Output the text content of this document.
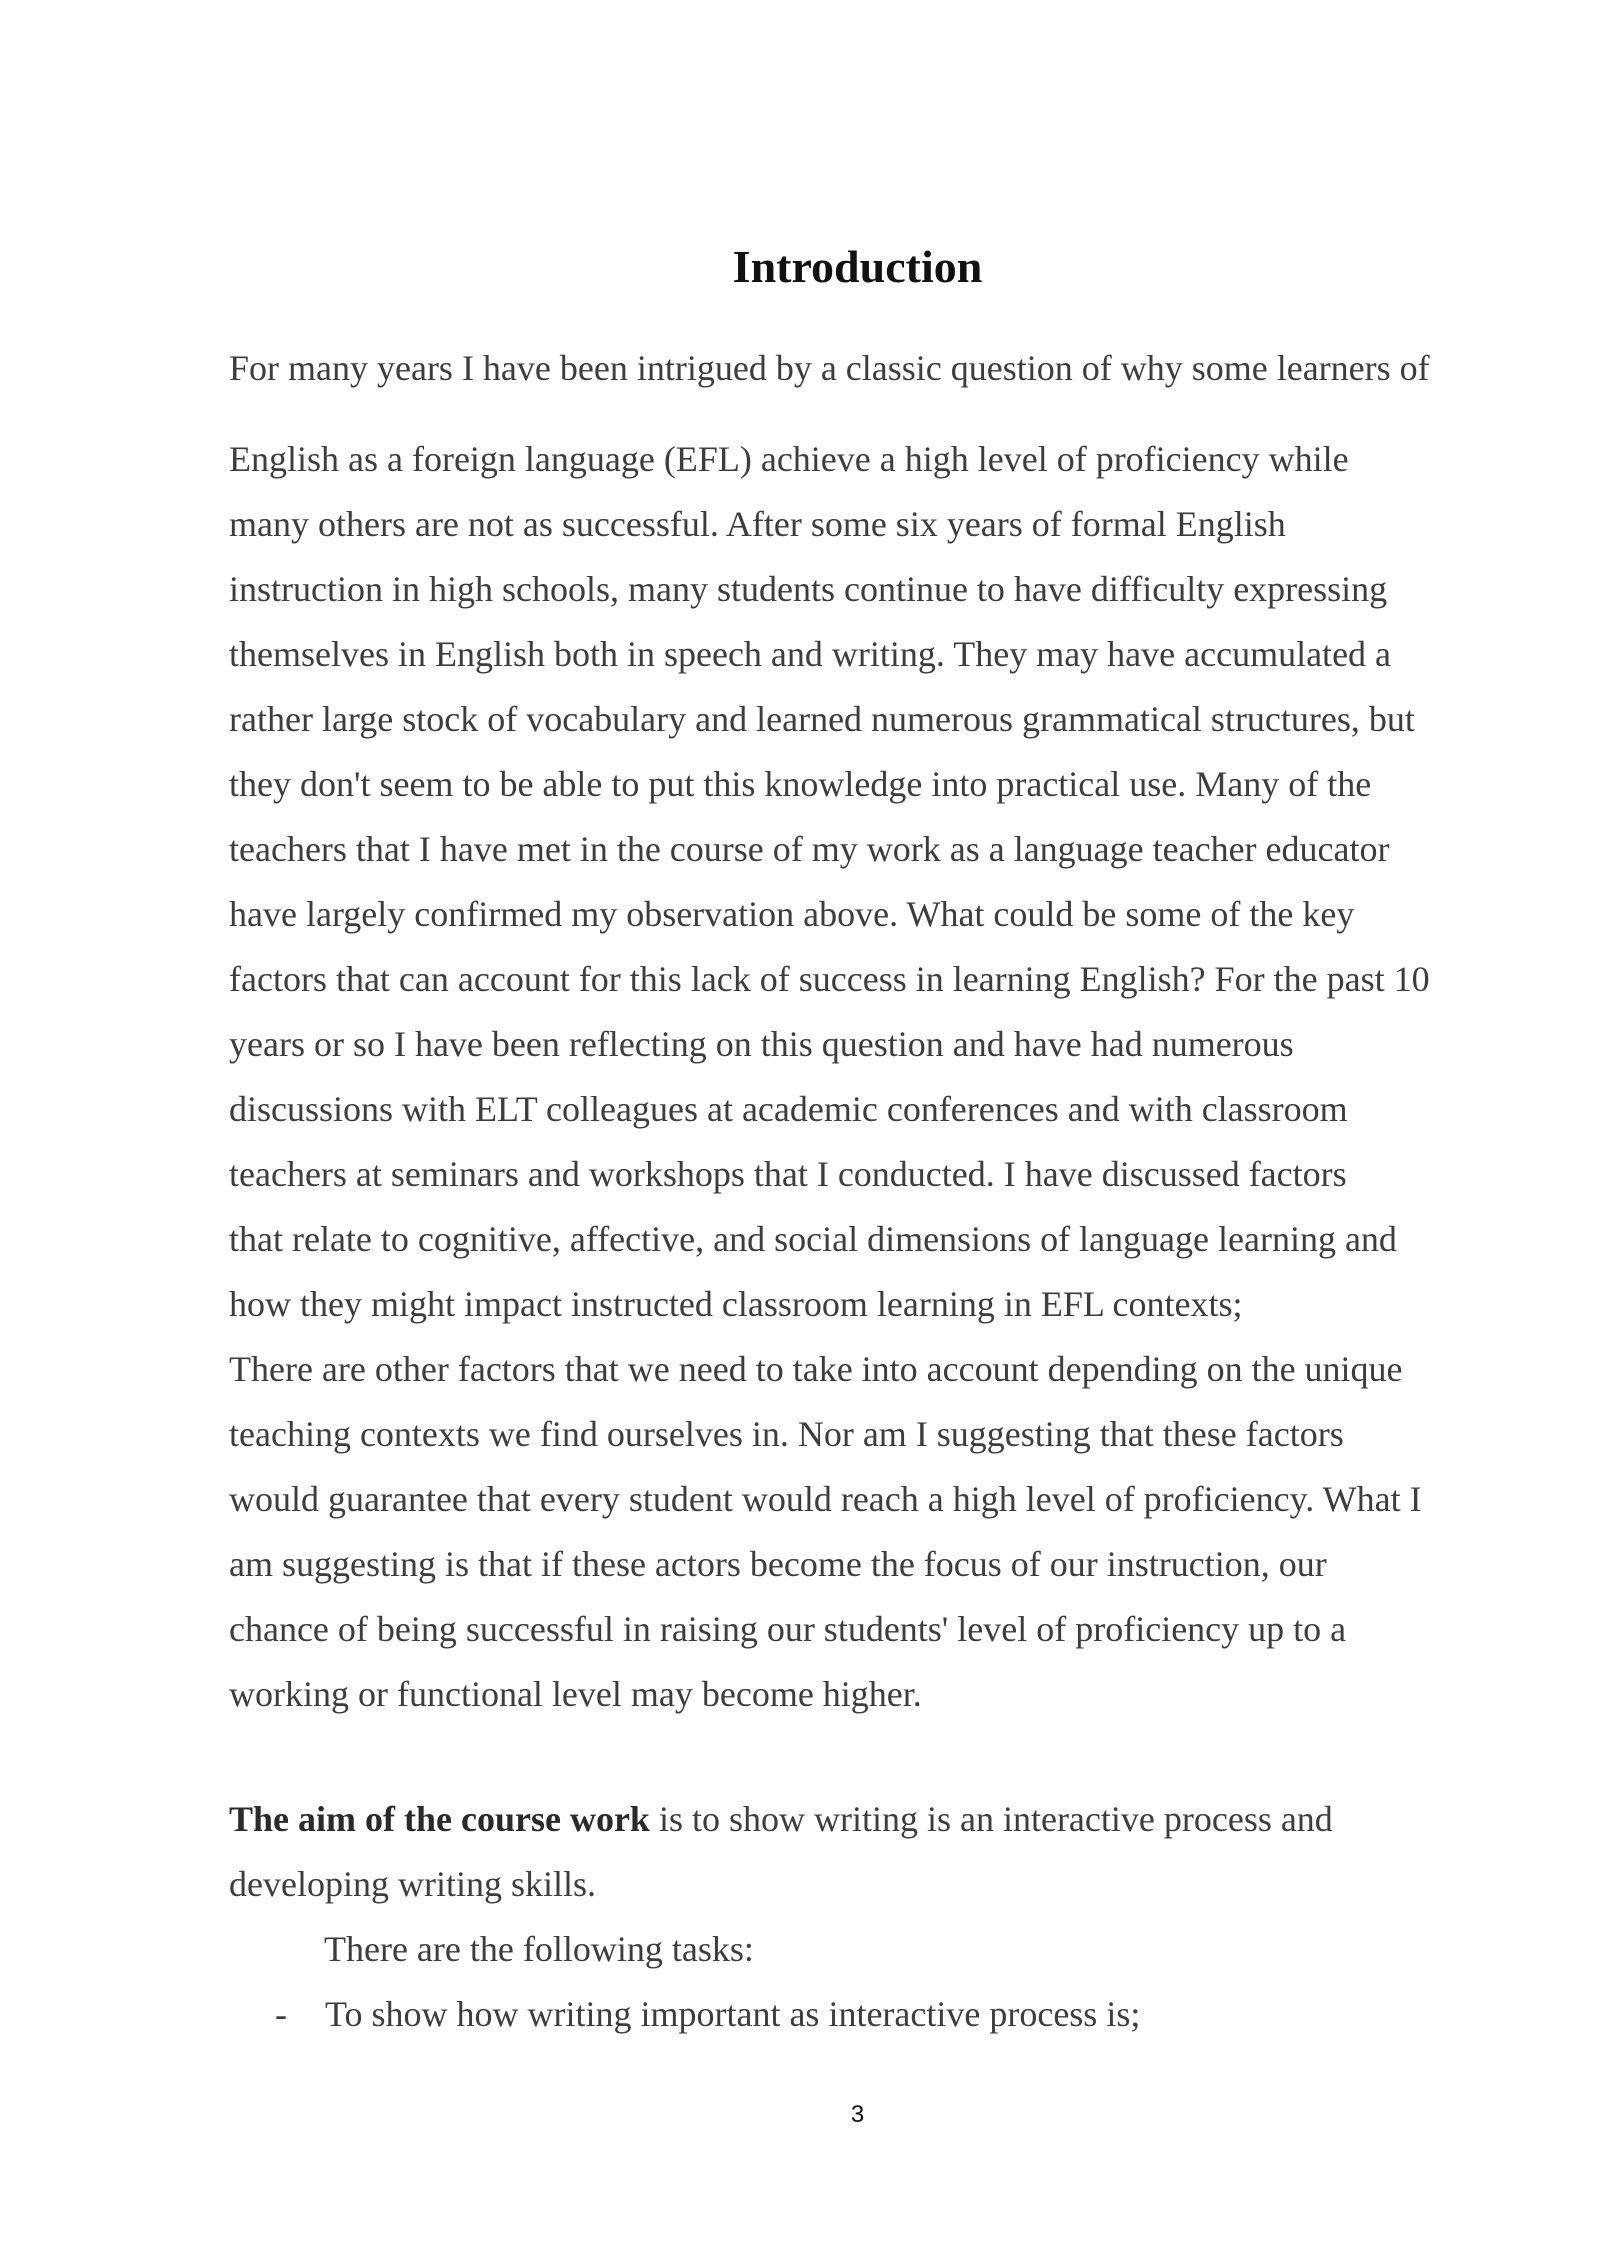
Introduction

For many years I have been intrigued by a classic question of why some learners of

English as a foreign language (EFL) achieve a high level of proficiency while
many others are not as successful. After some six years of formal English
instruction in high schools, many students continue to have difficulty expressing
themselves in English both in speech and writing. They may have accumulated a
rather large stock of vocabulary and learned numerous grammatical structures, but
they don't seem to be able to put this knowledge into practical use. Many of the
teachers that I have met in the course of my work as a language teacher educator
have largely confirmed my observation above. What could be some of the key
factors that can account for this lack of success in learning English? For the past 10
years or so I have been reflecting on this question and have had numerous
discussions with ELT colleagues at academic conferences and with classroom
teachers at seminars and workshops that I conducted. I have discussed factors
that relate to cognitive, affective, and social dimensions of language learning and
how they might impact instructed classroom learning in EFL contexts;
There are other factors that we need to take into account depending on the unique
teaching contexts we find ourselves in. Nor am I suggesting that these factors
would guarantee that every student would reach a high level of proficiency. What I
am suggesting is that if these actors become the focus of our instruction, our
chance of being successful in raising our students' level of proficiency up to a
working or functional level may become higher.
The aim of the course work is to show writing is an interactive process and
developing writing skills.

There are the following tasks:

- To show how writing important as interactive process is;

3
